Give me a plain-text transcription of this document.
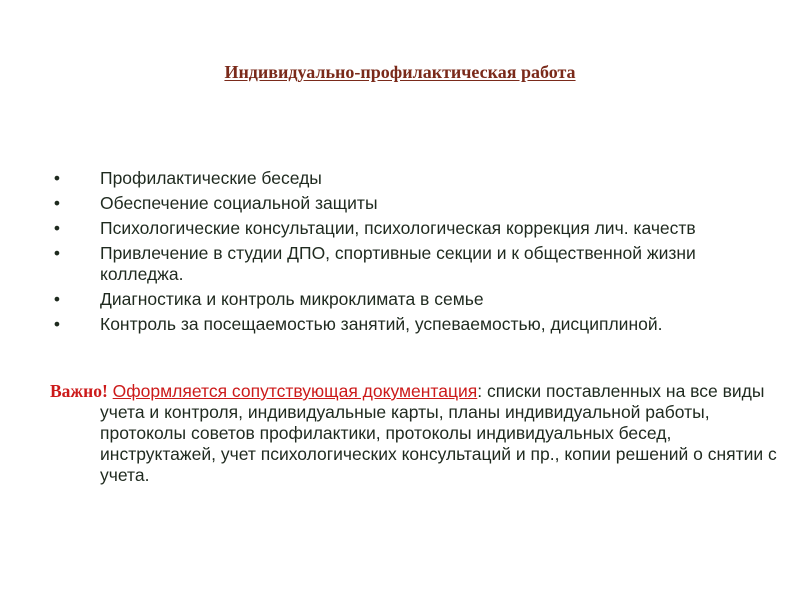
Индивидуально-профилактическая работа
• Профилактические беседы
• Обеспечение социальной защиты
• Психологические консультации, психологическая коррекция лич. качеств
• Привлечение в студии ДПО, спортивные секции и к общественной жизни колледжа.
• Диагностика и контроль микроклимата в семье
• Контроль за посещаемостью занятий, успеваемостью, дисциплиной.
Важно! Оформляется сопутствующая документация: списки поставленных на все виды учета и контроля, индивидуальные карты, планы индивидуальной работы, протоколы советов профилактики, протоколы индивидуальных бесед, инструктажей, учет психологических консультаций и пр., копии решений о снятии с учета.
